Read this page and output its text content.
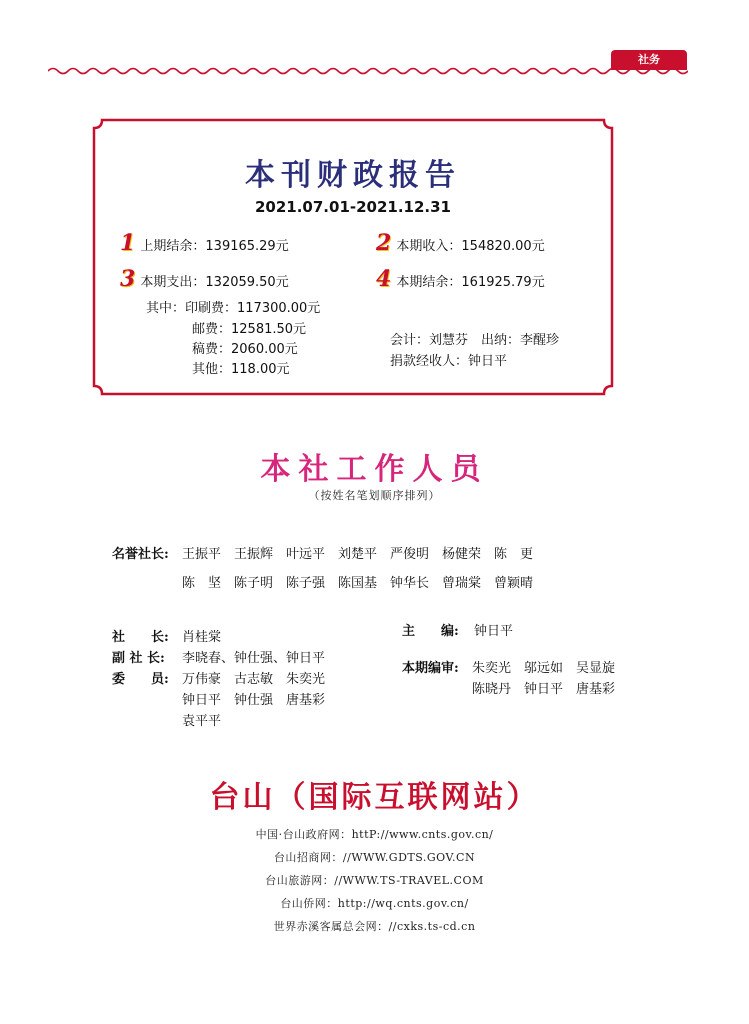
社务
本刊财政报告
2021.07.01-2021.12.31
1 上期结余：139165.29元	2 本期收入：154820.00元
3 本期支出：132059.50元	4 本期结余：161925.79元
其中：印刷费：117300.00元
邮费：12581.50元
稿费：2060.00元
其他：118.00元
会计：刘慧芬　出纳：李醒珍
捐款经收人：钟日平
本社工作人员
（按姓名笔划顺序排列）
名誉社长: 王振平　王振辉　叶远平　刘楚平　严俊明　杨健荣　陈　更
陈　坚　陈子明　陈子强　陈国基　钟华长　曾瑞棠　曾颖晴
社　　长: 肖桂棠
副 社 长: 李晓春、钟仕强、钟日平
委　　员: 万伟豪　古志敏　朱奕光
钟日平　钟仕强　唐基彩
袁平平
主　　编: 钟日平
本期编审: 朱奕光　邬远如　吴显旋
陈晓丹　钟日平　唐基彩
台山（国际互联网站）
中国·台山政府网：httP://www.cnts.gov.cn/
台山招商网：//WWW.GDTS.GOV.CN
台山旅游网：//WWW.TS-TRAVEL.COM
台山侨网：http://wq.cnts.gov.cn/
世界赤溪客属总会网：//cxks.ts-cd.cn
